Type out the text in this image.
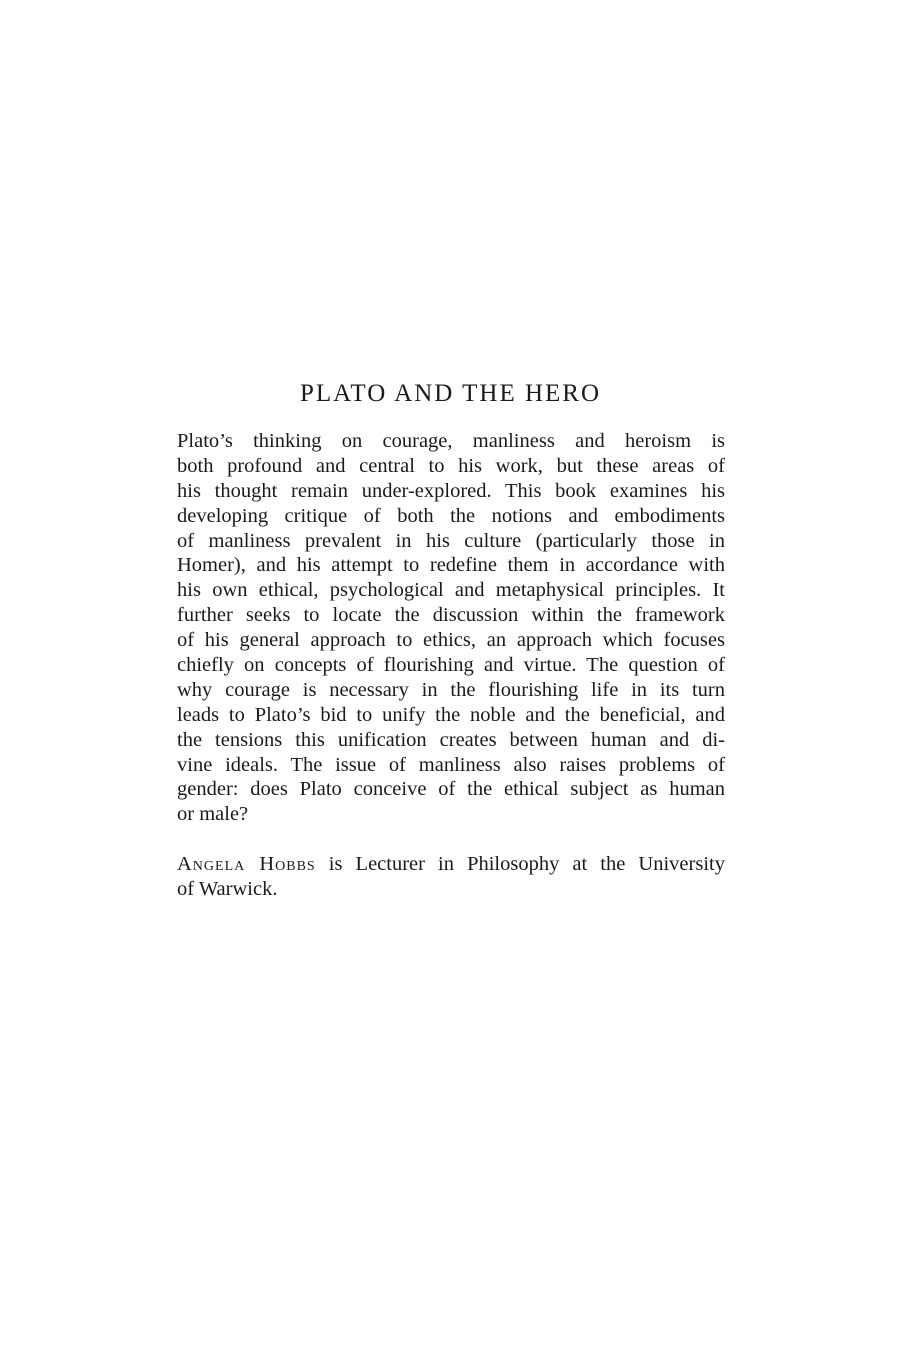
PLATO AND THE HERO
Plato’s thinking on courage, manliness and heroism is
both profound and central to his work, but these areas of
his thought remain under-explored. This book examines his
developing critique of both the notions and embodiments
of manliness prevalent in his culture (particularly those in
Homer), and his attempt to redefine them in accordance with
his own ethical, psychological and metaphysical principles. It
further seeks to locate the discussion within the framework
of his general approach to ethics, an approach which focuses
chiefly on concepts of flourishing and virtue. The question of
why courage is necessary in the flourishing life in its turn
leads to Plato’s bid to unify the noble and the beneficial, and
the tensions this unification creates between human and di-
vine ideals. The issue of manliness also raises problems of
gender: does Plato conceive of the ethical subject as human
or male?
Angela Hobbs is Lecturer in Philosophy at the University
of Warwick.
